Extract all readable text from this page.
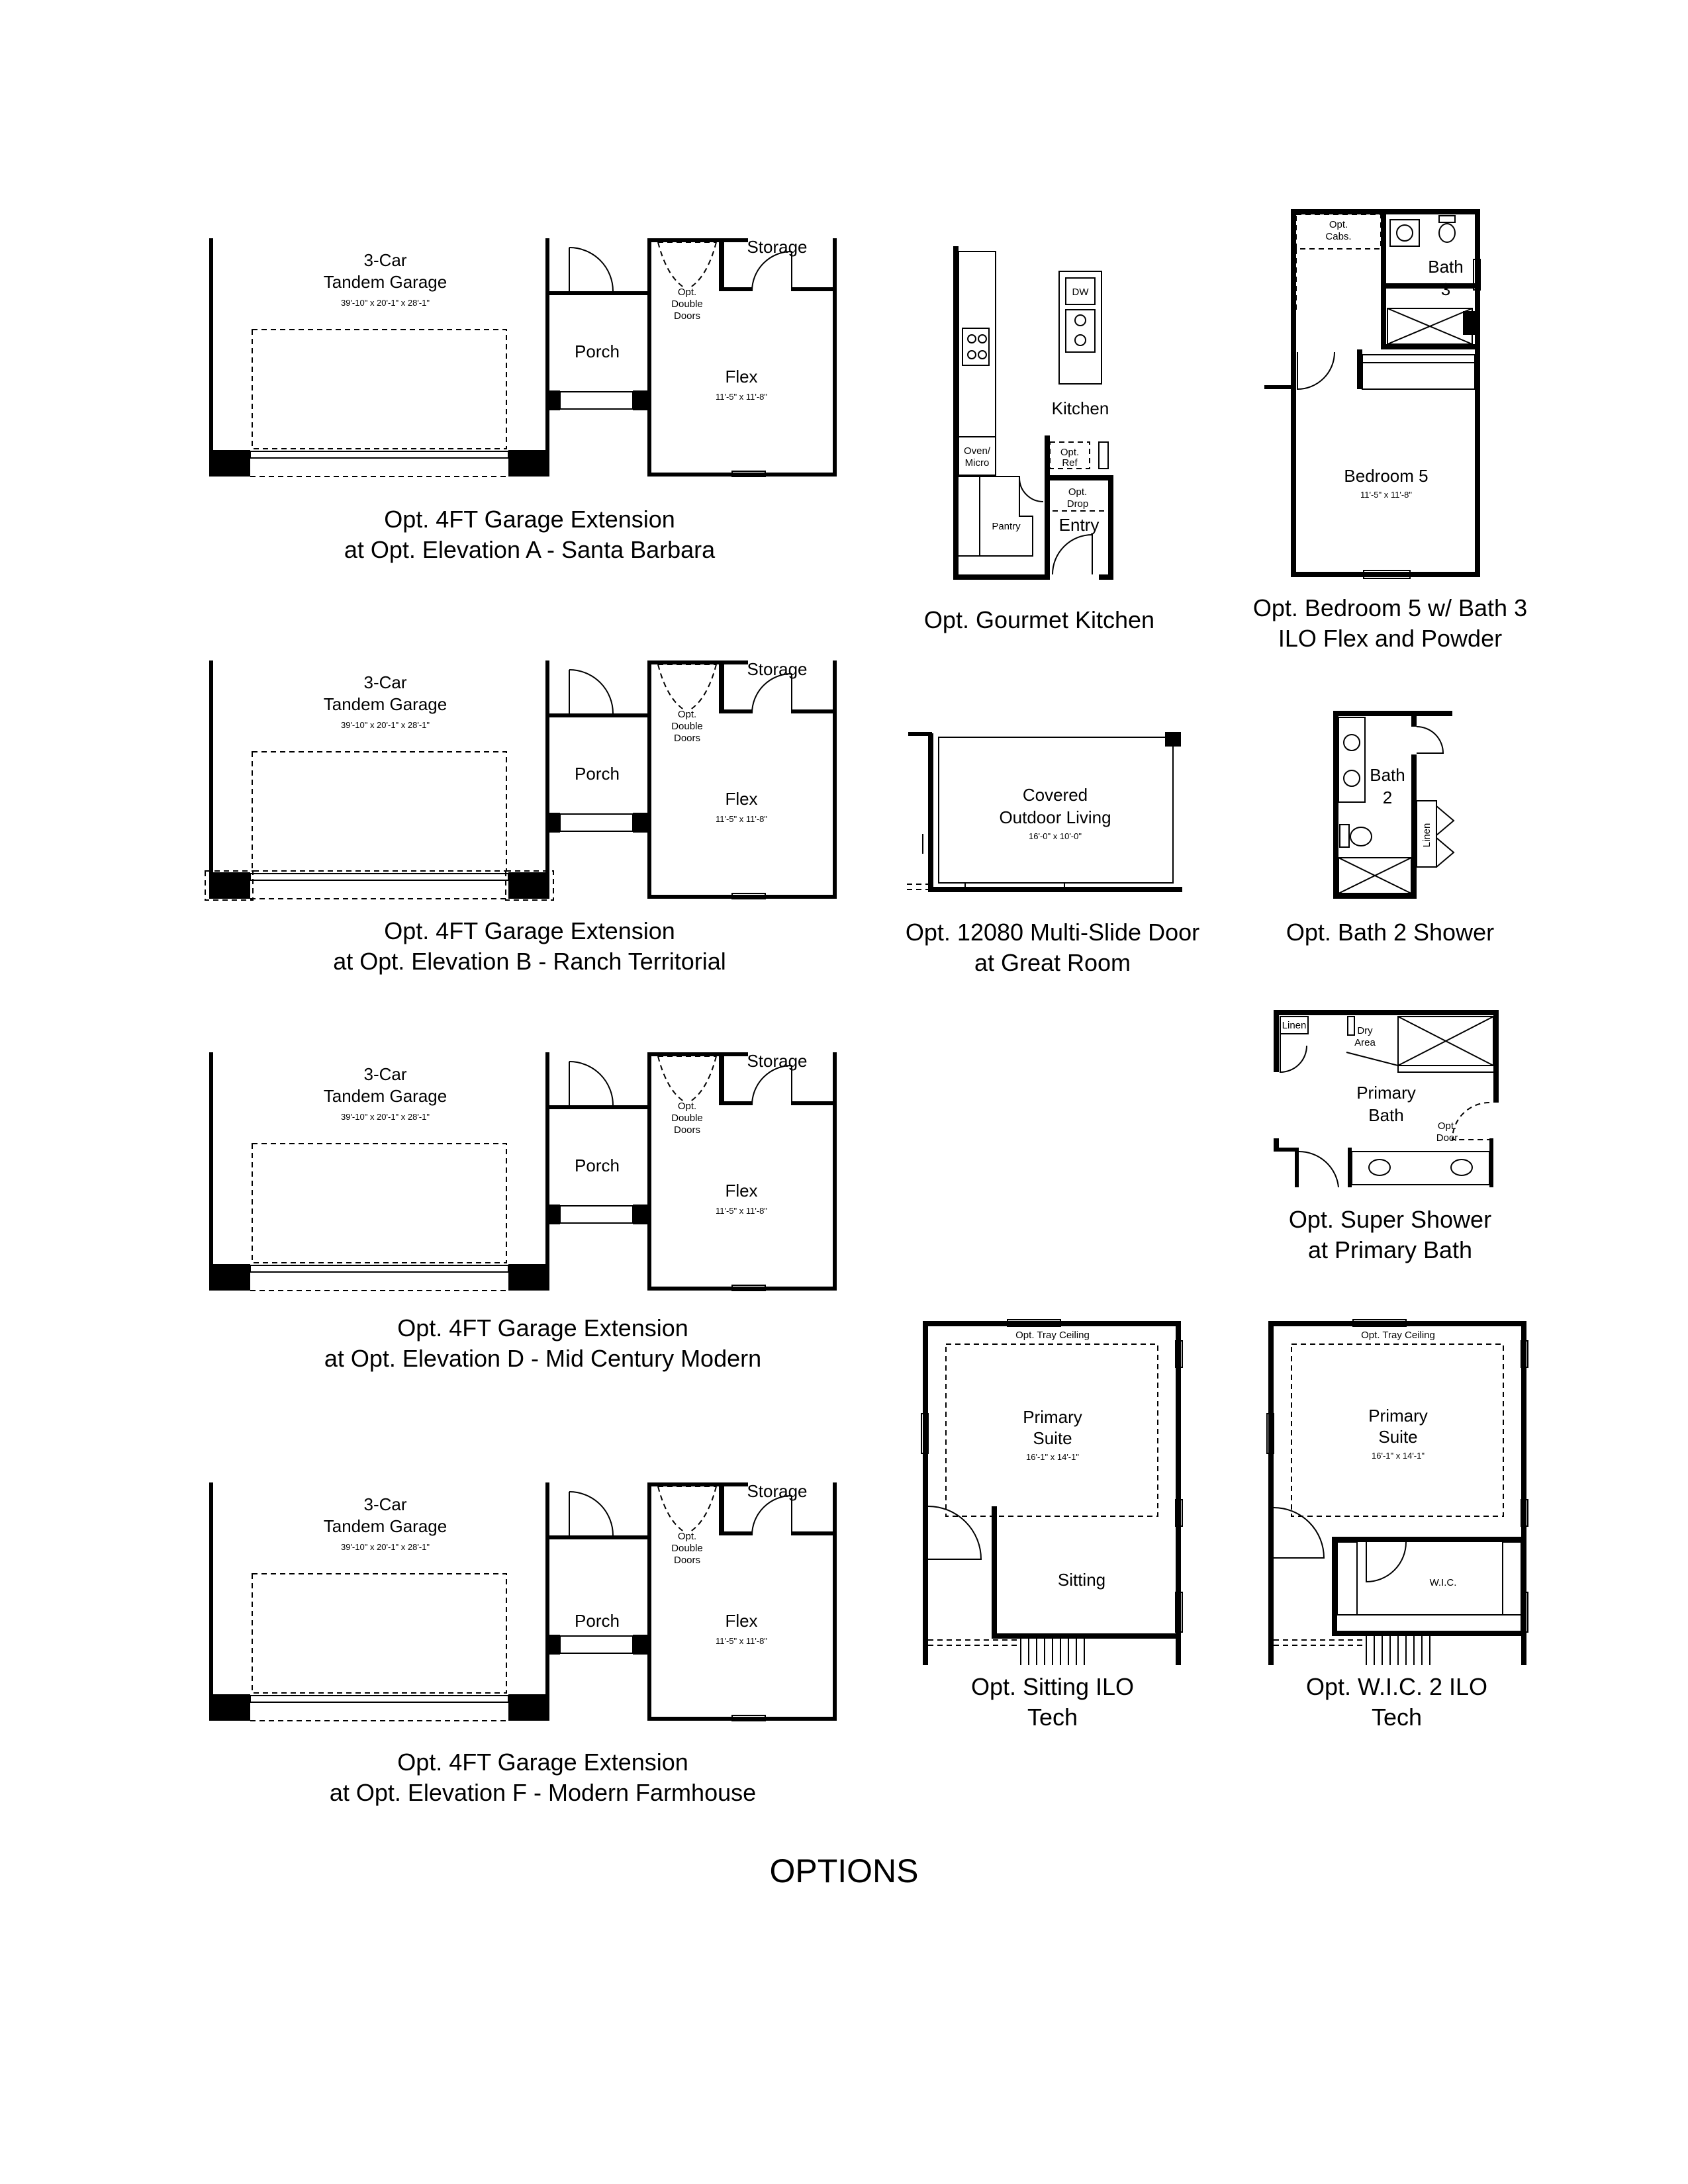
3-Car
Tandem Garage
39'-10" x 20'-1" x 28'-1"
Porch
Flex
11'-5" x 11'-8"
Storage
Opt.
Double
Doors
3-Car
Tandem Garage
39'-10" x 20'-1" x 28'-1"
Porch
Flex
11'-5" x 11'-8"
Storage
Opt.
Double
Doors
3-Car
Tandem Garage
39'-10" x 20'-1" x 28'-1"
Porch
Flex
11'-5" x 11'-8"
Storage
Opt.
Double
Doors
3-Car
Tandem Garage
39'-10" x 20'-1" x 28'-1"
Porch	Flex
11'-5" x 11'-8"
Storage
Opt.
Double
Doors
Oven/
Micro
Pantry
DW
Kitchen
Opt.
Ref
Opt.
Drop
Entry
Opt.
Cabs.
Bath
3
Bedroom 5
11'-5" x 11'-8"
Covered
Outdoor Living
16'-0" x 10'-0"
Bath
2
Linen
Linen	Dry
Area
Primary
Bath
Opt.
Door
Opt. Tray Ceiling
Primary
Suite
16'-1" x 14'-1"
Sitting
Opt. Tray Ceiling
Primary
Suite
16'-1" x 14'-1"
W.I.C.
Opt. 4FT Garage Extension
at Opt. Elevation A - Santa Barbara
Opt. 4FT Garage Extension
at Opt. Elevation B - Ranch Territorial
Opt. 4FT Garage Extension
at Opt. Elevation D - Mid Century Modern
Opt. 4FT Garage Extension
at Opt. Elevation F - Modern Farmhouse
Opt. Gourmet Kitchen	Opt. Bedroom 5 w/ Bath 3
ILO Flex and Powder
Opt. 12080 Multi-Slide Door
at Great Room
Opt. Bath 2 Shower
Opt. Super Shower
at Primary Bath
Opt. Sitting ILO
Tech
Opt. W.I.C. 2 ILO
Tech
OPTIONS
